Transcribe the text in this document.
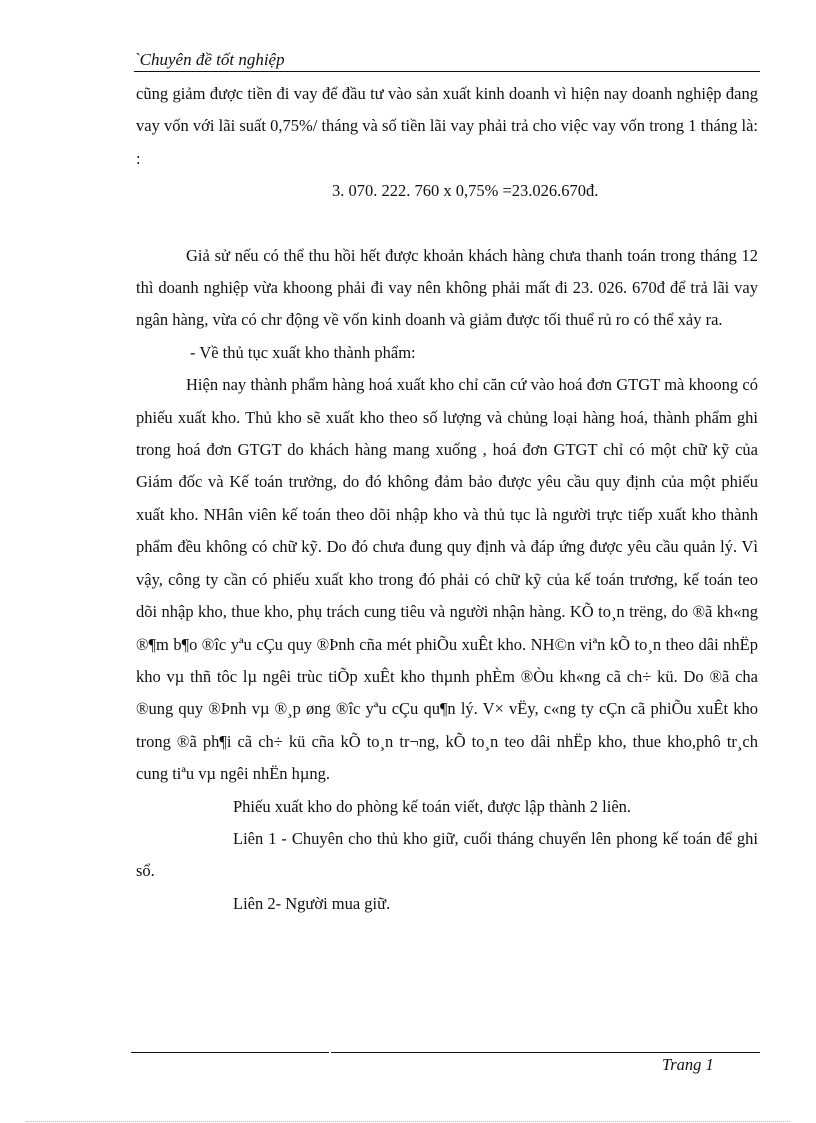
`Chuyên đề tốt nghiệp

cũng giảm được tiền đi vay để đầu tư vào sản xuất kinh doanh vì hiện nay doanh nghiệp đang vay vốn với lãi suất 0,75%/ tháng và số tiền lãi vay phải trả cho việc vay vốn trong 1 tháng là: :

3. 070. 222. 760 x 0,75% =23.026.670đ.

Giả sử nếu có thể thu hồi hết được khoản khách hàng chưa thanh toán trong tháng 12 thì doanh nghiệp vừa khoong phải đi vay nên không phải mất đi 23. 026. 670đ để trả lãi vay ngân hàng, vừa có chr động về vốn kinh doanh và giảm được tối thuể rủ ro có thể xảy ra.

- Về thủ tục xuất kho thành phẩm:

Hiện nay thành phẩm hàng hoá xuất kho chỉ căn cứ vào hoá đơn GTGT mà khoong có phiếu xuất kho. Thủ kho sẽ xuất kho theo số lượng và chủng loại hàng hoá, thành phẩm ghi trong hoá đơn GTGT do khách hàng mang xuống , hoá đơn GTGT chỉ có một chữ kỹ của Giám đốc và Kế toán trưởng, do đó không đảm bảo được yêu cầu quy định của một phiếu xuất kho. NHân viên kế toán theo dõi nhập kho và thủ tục là người trực tiếp xuất kho thành phẩm đều không có chữ kỹ. Do đó chưa đung quy định và đáp ứng được yêu cầu quản lý. Vì vậy, công ty cần có phiếu xuất kho trong đó phải có chữ kỹ của kế toán trương, kế toán teo dõi nhập kho, thue kho, phụ trách cung tiêu và người nhận hàng. KÕ to¸n trëng, do ®ã kh«ng ®¶m b¶o ®îc yªu cÇu quy ®Þnh cña mét phiÕu xuÊt kho. NH©n viªn kÕ to¸n theo dâi nhËp kho vµ thñ tôc lµ ngêi trùc tiÕp xuÊt kho thµnh phÈm ®Òu kh«ng cã ch÷ kü. Do ®ã cha ®ung quy ®Þnh vµ ®¸p øng ®îc yªu cÇu qu¶n lý. V× vËy, c«ng ty cÇn cã phiÕu xuÊt kho trong ®ã ph¶i cã ch÷ kü cña kÕ to¸n tr¬ng, kÕ to¸n teo dâi nhËp kho, thue kho,phô tr¸ch cung tiªu vµ ngêi nhËn hµng.

Phiếu xuất kho do phòng kế toán viết, được lập thành 2 liên.

Liên 1 - Chuyên cho thủ kho giữ, cuối tháng chuyển lên phong kế toán để ghi sổ.

Liên 2- Người mua giữ.

Trang 1
